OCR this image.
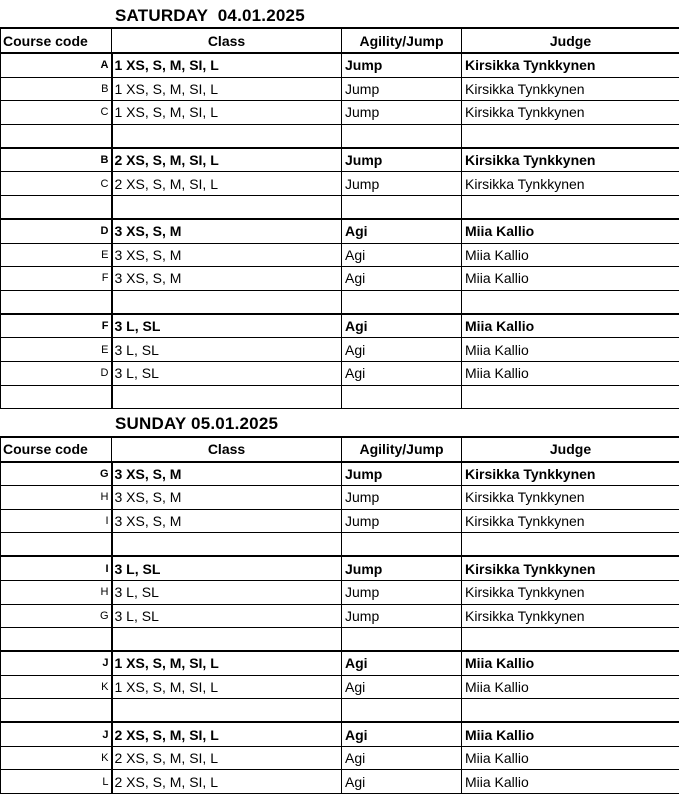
SATURDAY  04.01.2025
Course code	Class	Agility/Jump	Judge
A	1 XS, S, M, SI, L	Jump	Kirsikka Tynkkynen
B	1 XS, S, M, SI, L	Jump	Kirsikka Tynkkynen
C	1 XS, S, M, SI, L	Jump	Kirsikka Tynkkynen

B	2 XS, S, M, SI, L	Jump	Kirsikka Tynkkynen
C	2 XS, S, M, SI, L	Jump	Kirsikka Tynkkynen

D	3 XS, S, M	Agi	Miia Kallio
E	3 XS, S, M	Agi	Miia Kallio
F	3 XS, S, M	Agi	Miia Kallio

F	3 L, SL	Agi	Miia Kallio
E	3 L, SL	Agi	Miia Kallio
D	3 L, SL	Agi	Miia Kallio

SUNDAY 05.01.2025
Course code	Class	Agility/Jump	Judge
G	3 XS, S, M	Jump	Kirsikka Tynkkynen
H	3 XS, S, M	Jump	Kirsikka Tynkkynen
I	3 XS, S, M	Jump	Kirsikka Tynkkynen

I	3 L, SL	Jump	Kirsikka Tynkkynen
H	3 L, SL	Jump	Kirsikka Tynkkynen
G	3 L, SL	Jump	Kirsikka Tynkkynen

J	1 XS, S, M, SI, L	Agi	Miia Kallio
K	1 XS, S, M, SI, L	Agi	Miia Kallio

J	2 XS, S, M, SI, L	Agi	Miia Kallio
K	2 XS, S, M, SI, L	Agi	Miia Kallio
L	2 XS, S, M, SI, L	Agi	Miia Kallio
